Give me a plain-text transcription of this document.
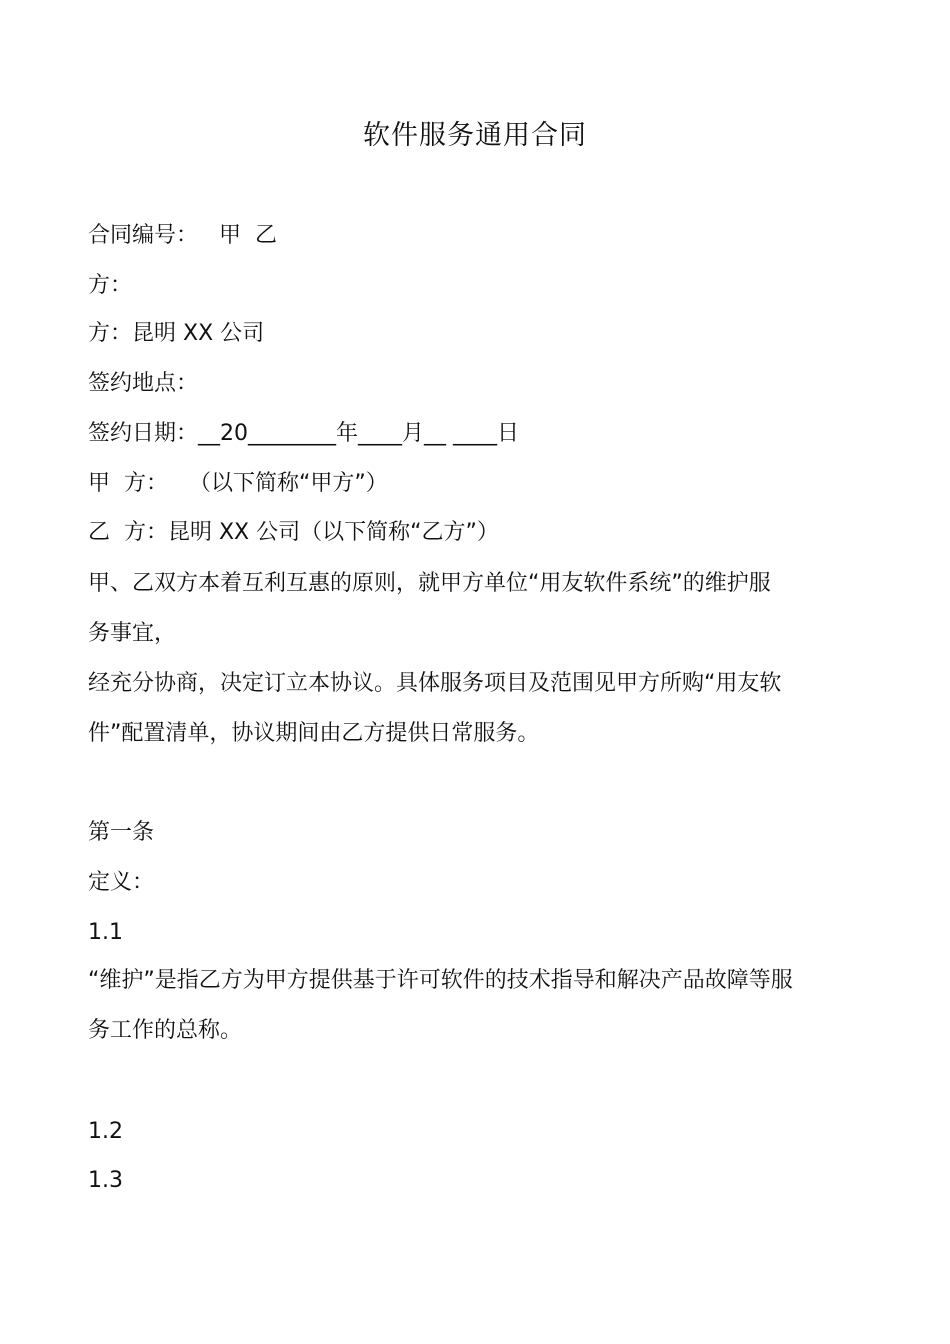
软件服务通用合同
合同编号：   甲  乙
方：
方：昆明 XX 公司
签约地点：
签约日期：__20________年____月__ ____日
甲  方：   （以下简称“甲方”）
乙  方：昆明 XX 公司（以下简称“乙方”）
甲、乙双方本着互利互惠的原则，就甲方单位“用友软件系统”的维护服
务事宜，
经充分协商，决定订立本协议。具体服务项目及范围见甲方所购“用友软
件”配置清单，协议期间由乙方提供日常服务。
第一条
定义：
1.1
“维护”是指乙方为甲方提供基于许可软件的技术指导和解决产品故障等服
务工作的总称。
1.2
1.3
